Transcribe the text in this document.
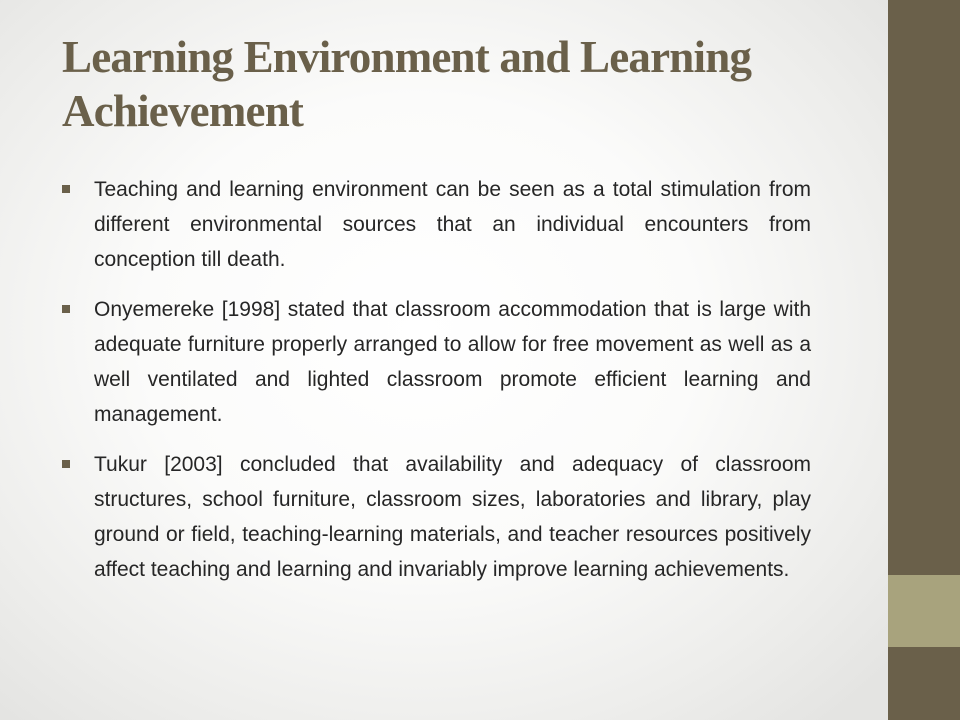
Learning Environment and Learning Achievement
Teaching and learning environment can be seen as a total stimulation from different environmental sources that an individual encounters from conception till death.
Onyemereke [1998] stated that classroom accommodation that is large with adequate furniture properly arranged to allow for free movement as well as a well ventilated and lighted classroom promote efficient learning and management.
Tukur [2003] concluded that availability and adequacy of classroom structures, school furniture, classroom sizes, laboratories and library, play ground or field, teaching-learning materials, and teacher resources positively affect teaching and learning and invariably improve learning achievements.
